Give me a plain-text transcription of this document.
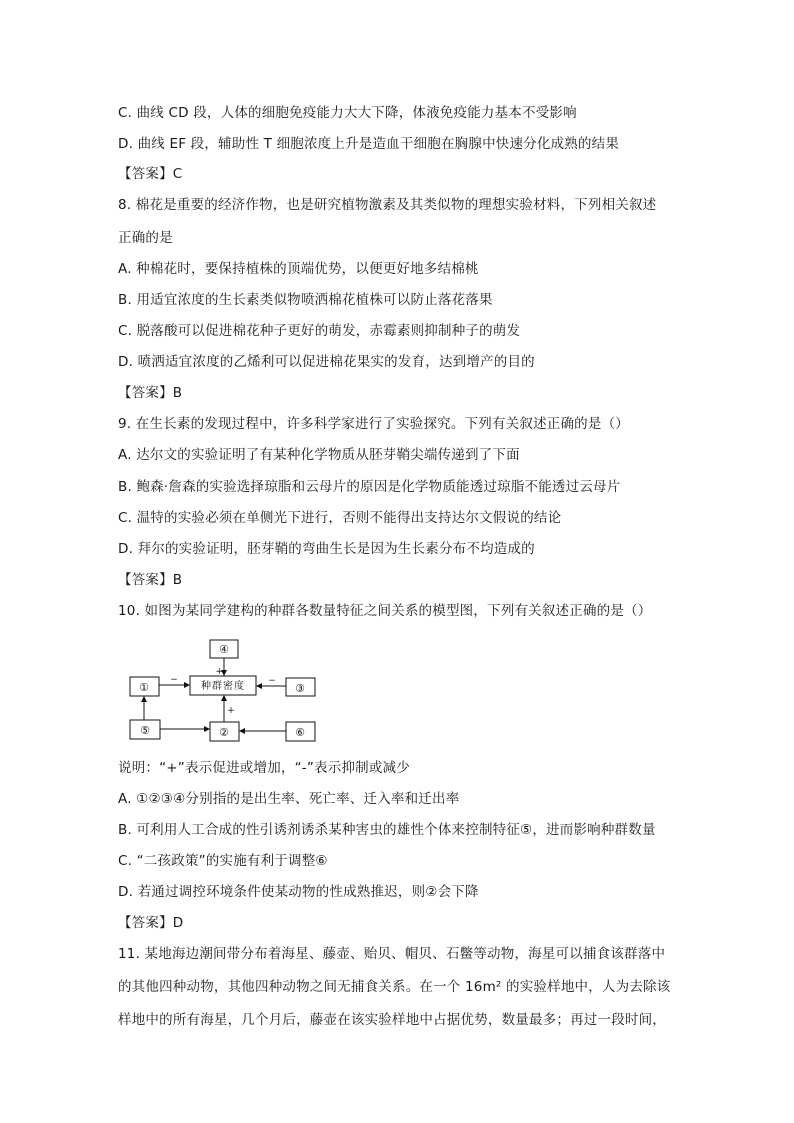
C. 曲线 CD 段，人体的细胞免疫能力大大下降，体液免疫能力基本不受影响
D. 曲线 EF 段，辅助性 T 细胞浓度上升是造血干细胞在胸腺中快速分化成熟的结果
【答案】C
8. 棉花是重要的经济作物，也是研究植物激素及其类似物的理想实验材料，下列相关叙述
正确的是
A. 种棉花时，要保持植株的顶端优势，以便更好地多结棉桃
B. 用适宜浓度的生长素类似物喷洒棉花植株可以防止落花落果
C. 脱落酸可以促进棉花种子更好的萌发，赤霉素则抑制种子的萌发
D. 喷洒适宜浓度的乙烯利可以促进棉花果实的发育，达到增产的目的
【答案】B
9. 在生长素的发现过程中，许多科学家进行了实验探究。下列有关叙述正确的是（）
A. 达尔文的实验证明了有某种化学物质从胚芽鞘尖端传递到了下面
B. 鲍森·詹森的实验选择琼脂和云母片的原因是化学物质能透过琼脂不能透过云母片
C. 温特的实验必须在单侧光下进行，否则不能得出支持达尔文假说的结论
D. 拜尔的实验证明，胚芽鞘的弯曲生长是因为生长素分布不均造成的
【答案】B
10. 如图为某同学建构的种群各数量特征之间关系的模型图，下列有关叙述正确的是（）
+
−	−
+
种群密度
①	③
④
⑤	②	⑥
说明：“+”表示促进或增加，“-”表示抑制或减少
A. ①②③④分别指的是出生率、死亡率、迁入率和迁出率
B. 可利用人工合成的性引诱剂诱杀某种害虫的雄性个体来控制特征⑤，进而影响种群数量
C. “二孩政策”的实施有利于调整⑥
D. 若通过调控环境条件使某动物的性成熟推迟，则②会下降
【答案】D
11. 某地海边潮间带分布着海星、藤壶、贻贝、帽贝、石鳖等动物，海星可以捕食该群落中
的其他四种动物，其他四种动物之间无捕食关系。在一个 16m² 的实验样地中，人为去除该
样地中的所有海星，几个月后，藤壶在该实验样地中占据优势，数量最多；再过一段时间，
